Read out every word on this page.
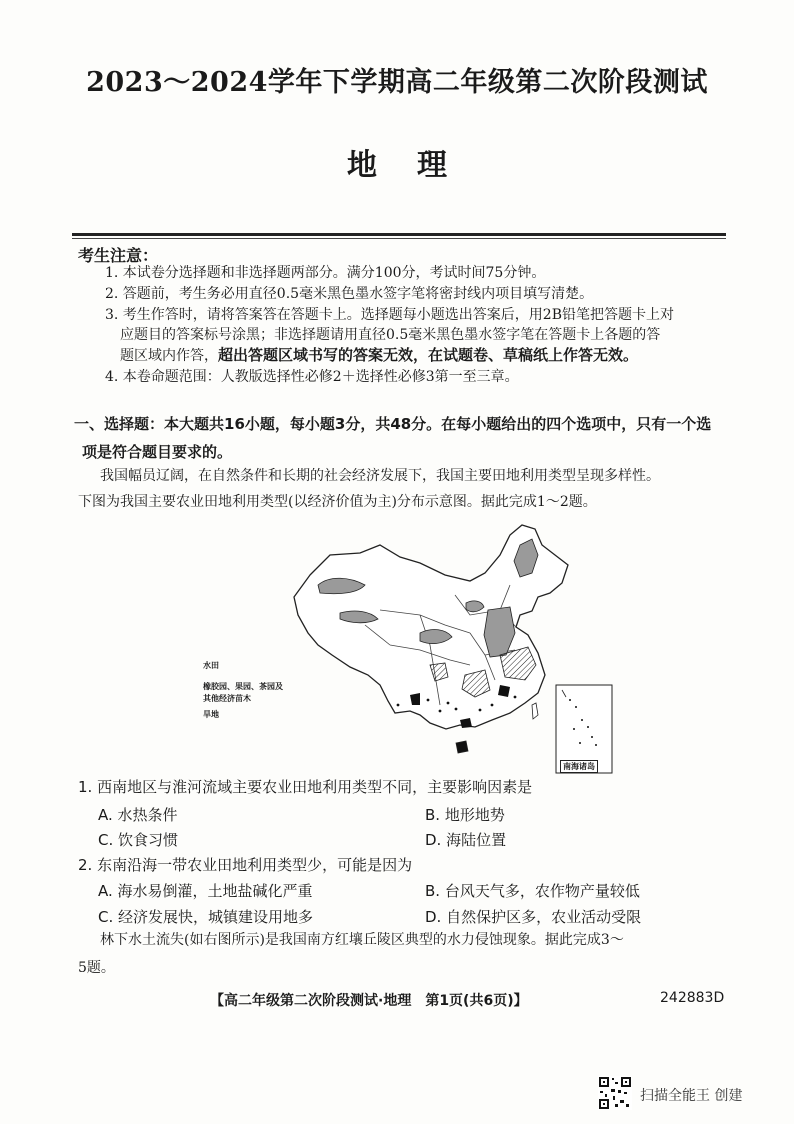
2023～2024学年下学期高二年级第二次阶段测试
地理
考生注意：
1. 本试卷分选择题和非选择题两部分。满分100分，考试时间75分钟。
2. 答题前，考生务必用直径0.5毫米黑色墨水签字笔将密封线内项目填写清楚。
3. 考生作答时，请将答案答在答题卡上。选择题每小题选出答案后，用2B铅笔把答题卡上对
应题目的答案标号涂黑；非选择题请用直径0.5毫米黑色墨水签字笔在答题卡上各题的答
题区域内作答，超出答题区域书写的答案无效，在试题卷、草稿纸上作答无效。
4. 本卷命题范围：人教版选择性必修2＋选择性必修3第一至三章。
一、选择题：本大题共16小题，每小题3分，共48分。在每小题给出的四个选项中，只有一个选
项是符合题目要求的。
我国幅员辽阔，在自然条件和长期的社会经济发展下，我国主要田地利用类型呈现多样性。
下图为我国主要农业田地利用类型(以经济价值为主)分布示意图。据此完成1～2题。
水田
橡胶园、果园、茶园及
其他经济苗木
旱地
南海诸岛
1. 西南地区与淮河流域主要农业田地利用类型不同，主要影响因素是
A. 水热条件	B. 地形地势
C. 饮食习惯	D. 海陆位置
2. 东南沿海一带农业田地利用类型少，可能是因为
A. 海水易倒灌，土地盐碱化严重	B. 台风天气多，农作物产量较低
C. 经济发展快，城镇建设用地多	D. 自然保护区多，农业活动受限
林下水土流失(如右图所示)是我国南方红壤丘陵区典型的水力侵蚀现象。据此完成3～
5题。
【高二年级第二次阶段测试·地理　第1页(共6页)】	242883D
扫描全能王 创建
